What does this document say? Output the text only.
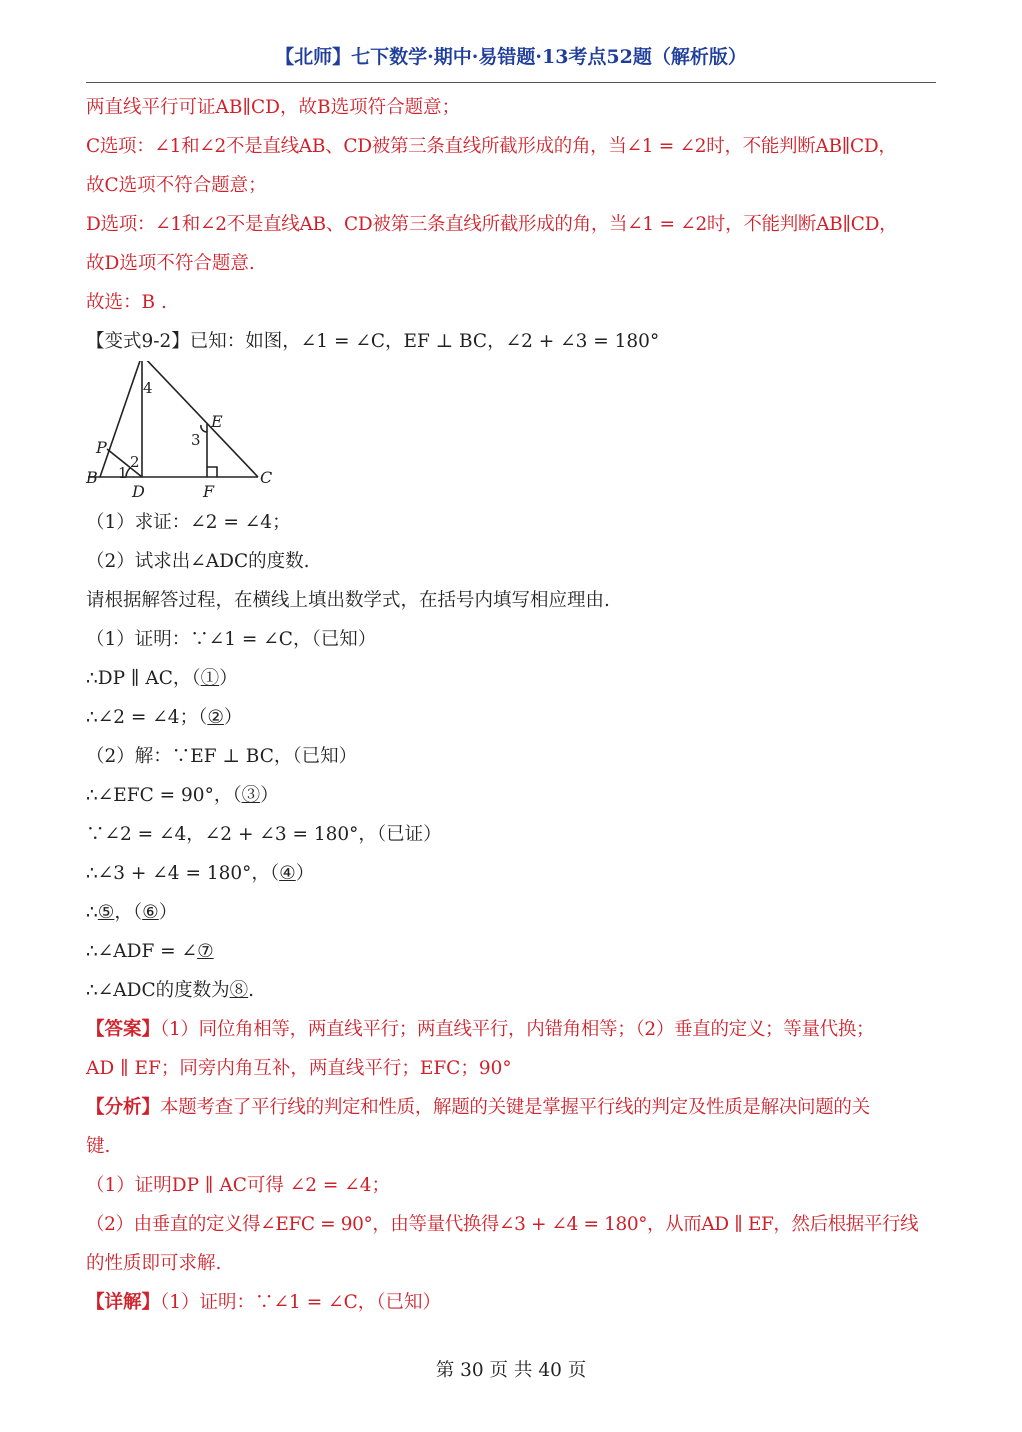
【北师】七下数学·期中·易错题·13考点52题（解析版）
两直线平行可证AB∥CD，故B选项符合题意；
C选项：∠1和∠2不是直线AB、CD被第三条直线所截形成的角，当∠1 = ∠2时，不能判断AB∥CD，
故C选项不符合题意；
D选项：∠1和∠2不是直线AB、CD被第三条直线所截形成的角，当∠1 = ∠2时，不能判断AB∥CD，
故D选项不符合题意.
故选：B .
【变式9-2】已知：如图，∠1 = ∠C，EF ⊥ BC，∠2 + ∠3 = 180°
B	C
D
E
F
P
1
2
3
4
（1）求证：∠2 = ∠4；
（2）试求出∠ADC的度数.
请根据解答过程，在横线上填出数学式，在括号内填写相应理由.
（1）证明：∵∠1 = ∠C，（已知）
∴DP ∥ AC，（①）
∴∠2 = ∠4；（②）
（2）解：∵EF ⊥ BC，（已知）
∴∠EFC = 90°，（③）
∵∠2 = ∠4，∠2 + ∠3 = 180°，（已证）
∴∠3 + ∠4 = 180°，（④）
∴⑤，（⑥）
∴∠ADF = ∠⑦
∴∠ADC的度数为⑧.
【答案】（1）同位角相等，两直线平行；两直线平行，内错角相等；（2）垂直的定义；等量代换；
AD ∥ EF；同旁内角互补，两直线平行；EFC；90°
【分析】本题考查了平行线的判定和性质，解题的关键是掌握平行线的判定及性质是解决问题的关
键.
（1）证明DP ∥ AC可得 ∠2 = ∠4；
（2）由垂直的定义得∠EFC = 90°，由等量代换得∠3 + ∠4 = 180°，从而AD ∥ EF，然后根据平行线
的性质即可求解.
【详解】（1）证明：∵∠1 = ∠C，（已知）
第 30 页 共 40 页
